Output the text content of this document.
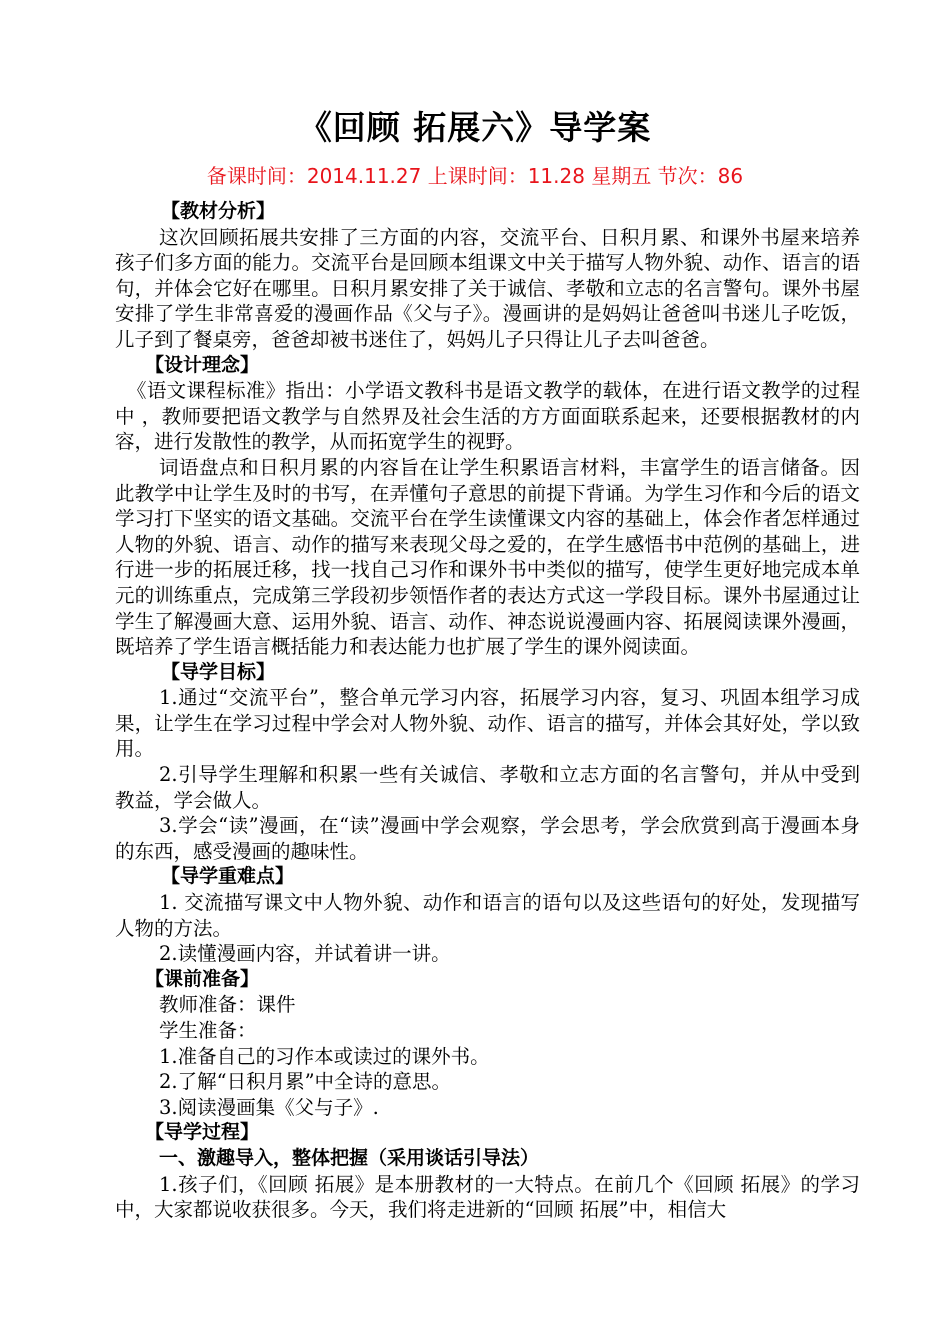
《回顾 拓展六》导学案
备课时间：2014.11.27 上课时间：11.28 星期五 节次：86

【教材分析】

这次回顾拓展共安排了三方面的内容，交流平台、日积月累、和课外书屋来培养孩子们多方面的能力。交流平台是回顾本组课文中关于描写人物外貌、动作、语言的语句，并体会它好在哪里。日积月累安排了关于诚信、孝敬和立志的名言警句。课外书屋安排了学生非常喜爱的漫画作品《父与子》。漫画讲的是妈妈让爸爸叫书迷儿子吃饭，儿子到了餐桌旁，爸爸却被书迷住了，妈妈儿子只得让儿子去叫爸爸。

【设计理念】

《语文课程标准》指出：小学语文教科书是语文教学的载体，在进行语文教学的过程中 ，教师要把语文教学与自然界及社会生活的方方面面联系起来，还要根据教材的内容，进行发散性的教学，从而拓宽学生的视野。

词语盘点和日积月累的内容旨在让学生积累语言材料，丰富学生的语言储备。因此教学中让学生及时的书写，在弄懂句子意思的前提下背诵。为学生习作和今后的语文学习打下坚实的语文基础。交流平台在学生读懂课文内容的基础上，体会作者怎样通过人物的外貌、语言、动作的描写来表现父母之爱的，在学生感悟书中范例的基础上，进行进一步的拓展迁移，找一找自己习作和课外书中类似的描写，使学生更好地完成本单元的训练重点，完成第三学段初步领悟作者的表达方式这一学段目标。课外书屋通过让学生了解漫画大意、运用外貌、语言、动作、神态说说漫画内容、拓展阅读课外漫画，既培养了学生语言概括能力和表达能力也扩展了学生的课外阅读面。

【导学目标】

1.通过“交流平台”，整合单元学习内容，拓展学习内容，复习、巩固本组学习成果，让学生在学习过程中学会对人物外貌、动作、语言的描写，并体会其好处，学以致用。

2.引导学生理解和积累一些有关诚信、孝敬和立志方面的名言警句，并从中受到教益，学会做人。

3.学会“读”漫画，在“读”漫画中学会观察，学会思考，学会欣赏到高于漫画本身的东西，感受漫画的趣味性。

【导学重难点】

1. 交流描写课文中人物外貌、动作和语言的语句以及这些语句的好处，发现描写人物的方法。

2.读懂漫画内容，并试着讲一讲。

【课前准备】

教师准备：课件

学生准备：

1.准备自己的习作本或读过的课外书。

2.了解“日积月累”中全诗的意思。

3.阅读漫画集《父与子》.

【导学过程】

一、激趣导入，整体把握（采用谈话引导法）

1.孩子们，《回顾 拓展》是本册教材的一大特点。在前几个《回顾 拓展》的学习中，大家都说收获很多。今天，我们将走进新的“回顾 拓展”中，相信大
